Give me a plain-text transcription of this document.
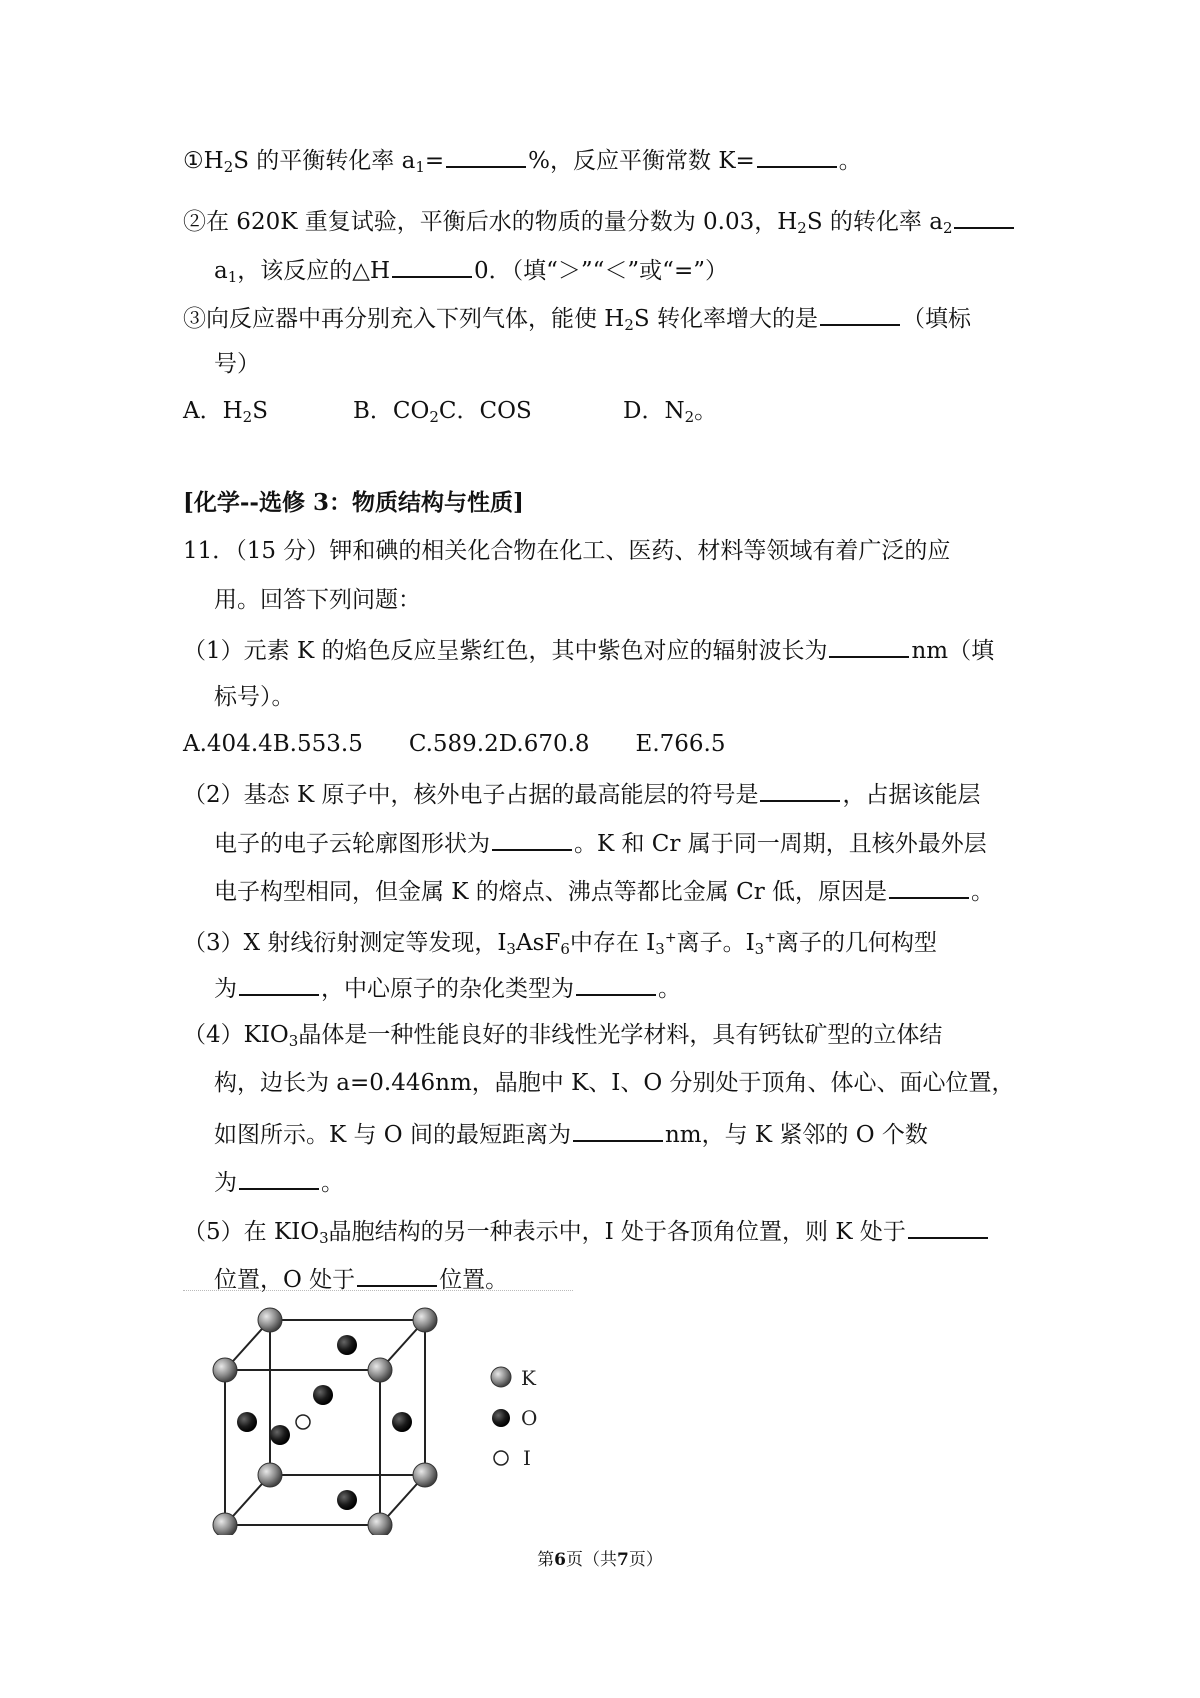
$①H_2S$ 的平衡转化率 $a_1=$	%，反应平衡常数 K=	。
②在 620K 重复试验，平衡后水的物质的量分数为 0.03，$H_2S$ 的转化率 $a_2$
$a_1$，该反应的△H	0．（填“＞”“＜”或“=”）
③向反应器中再分别充入下列气体，能使 $H_2S$ 转化率增大的是	（填标
号）
A．$H_2S$	B．$CO_2C$．COS	D．$N_2$。
[化学--选修 3：物质结构与性质]
11．（15 分）钾和碘的相关化合物在化工、医药、材料等领域有着广泛的应
用。回答下列问题：
（1）元素 K 的焰色反应呈紫红色，其中紫色对应的辐射波长为	nm（填
标号）。
A.404.4B.553.5　　C.589.2D.670.8　　E.766.5
（2）基态 K 原子中，核外电子占据的最高能层的符号是	，占据该能层
电子的电子云轮廓图形状为	。K 和 Cr 属于同一周期，且核外最外层
电子构型相同，但金属 K 的熔点、沸点等都比金属 Cr 低，原因是	。
（3）X 射线衍射测定等发现，$I_3AsF_6$中存在 $I_3^+$离子。$I_3^+$离子的几何构型
为	，中心原子的杂化类型为	。
$(4)KIO_3$晶体是一种性能良好的非线性光学材料，具有钙钛矿型的立体结
构，边长为 a=0.446nm，晶胞中 K、I、O 分别处于顶角、体心、面心位置，
如图所示。K 与 O 间的最短距离为	nm，与 K 紧邻的 O 个数
为	。
（5）在 $KIO_3$晶胞结构的另一种表示中，I 处于各顶角位置，则 K 处于
位置，O 处于	位置。
K
O
I
第6页（共7页）
